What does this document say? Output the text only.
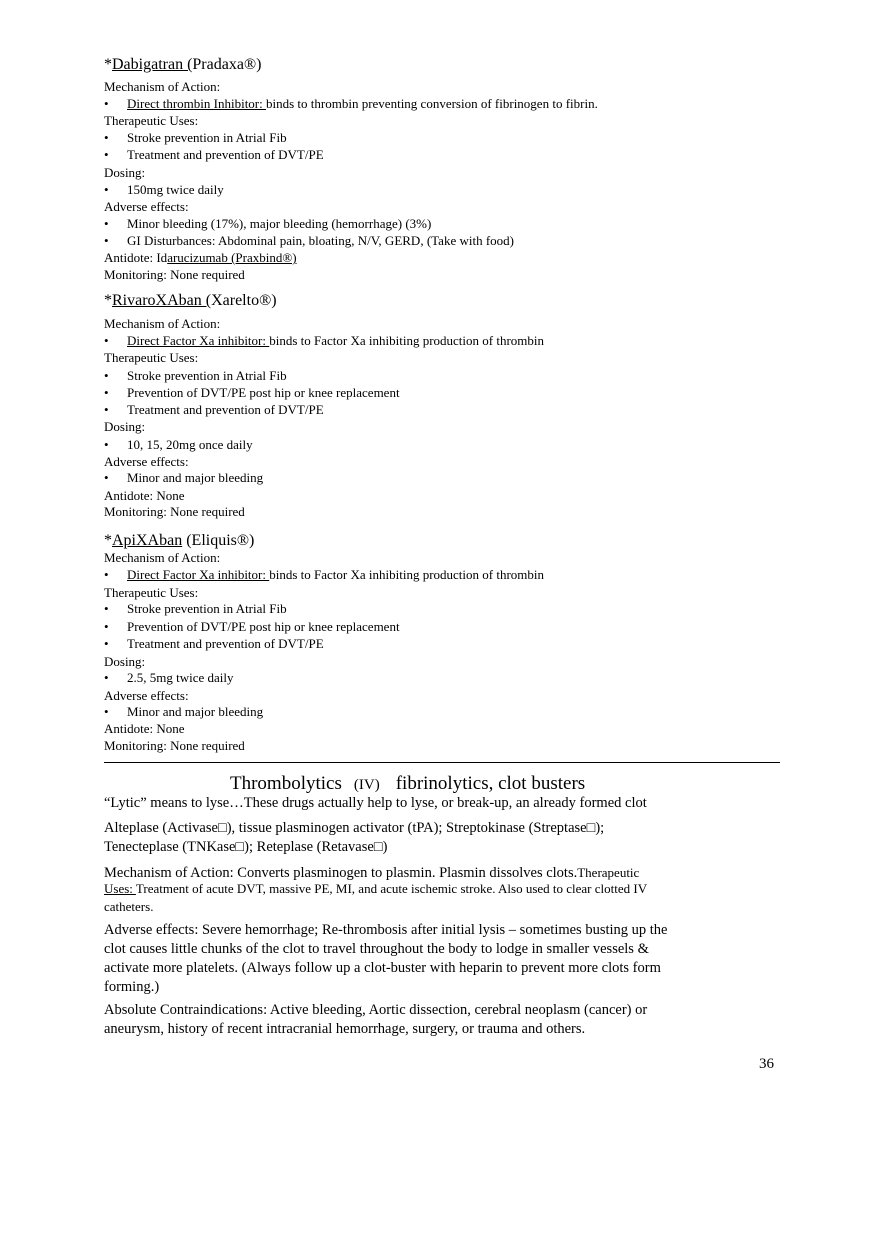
*Dabigatran (Pradaxa®)
Mechanism of Action:
• Direct thrombin Inhibitor: binds to thrombin preventing conversion of fibrinogen to fibrin.
Therapeutic Uses:
• Stroke prevention in Atrial Fib
• Treatment and prevention of DVT/PE
Dosing:
• 150mg twice daily
Adverse effects:
• Minor bleeding (17%), major bleeding (hemorrhage) (3%)
• GI Disturbances: Abdominal pain, bloating, N/V, GERD, (Take with food)
Antidote: Idarucizumab (Praxbind®)
Monitoring: None required
*RivaroXAban (Xarelto®)
Mechanism of Action:
• Direct Factor Xa inhibitor: binds to Factor Xa inhibiting production of thrombin
Therapeutic Uses:
• Stroke prevention in Atrial Fib
• Prevention of DVT/PE post hip or knee replacement
• Treatment and prevention of DVT/PE
Dosing:
• 10, 15, 20mg once daily
Adverse effects:
• Minor and major bleeding
Antidote: None
Monitoring: None required
*ApiXAban (Eliquis®)
Mechanism of Action:
• Direct Factor Xa inhibitor: binds to Factor Xa inhibiting production of thrombin
Therapeutic Uses:
• Stroke prevention in Atrial Fib
• Prevention of DVT/PE post hip or knee replacement
• Treatment and prevention of DVT/PE
Dosing:
• 2.5, 5mg twice daily
Adverse effects:
• Minor and major bleeding
Antidote: None
Monitoring: None required
Thrombolytics (IV) fibrinolytics, clot busters
“Lytic” means to lyse…These drugs actually help to lyse, or break-up, an already formed clot
Alteplase (Activase□), tissue plasminogen activator (tPA); Streptokinase (Streptase□);
Tenecteplase (TNKase□); Reteplase (Retavase□)
Mechanism of Action: Converts plasminogen to plasmin. Plasmin dissolves clots.Therapeutic
Uses: Treatment of acute DVT, massive PE, MI, and acute ischemic stroke. Also used to clear clotted IV
catheters.
Adverse effects: Severe hemorrhage; Re-thrombosis after initial lysis – sometimes busting up the
clot causes little chunks of the clot to travel throughout the body to lodge in smaller vessels &
activate more platelets. (Always follow up a clot-buster with heparin to prevent more clots form
forming.)
Absolute Contraindications: Active bleeding, Aortic dissection, cerebral neoplasm (cancer) or
aneurysm, history of recent intracranial hemorrhage, surgery, or trauma and others.
36
